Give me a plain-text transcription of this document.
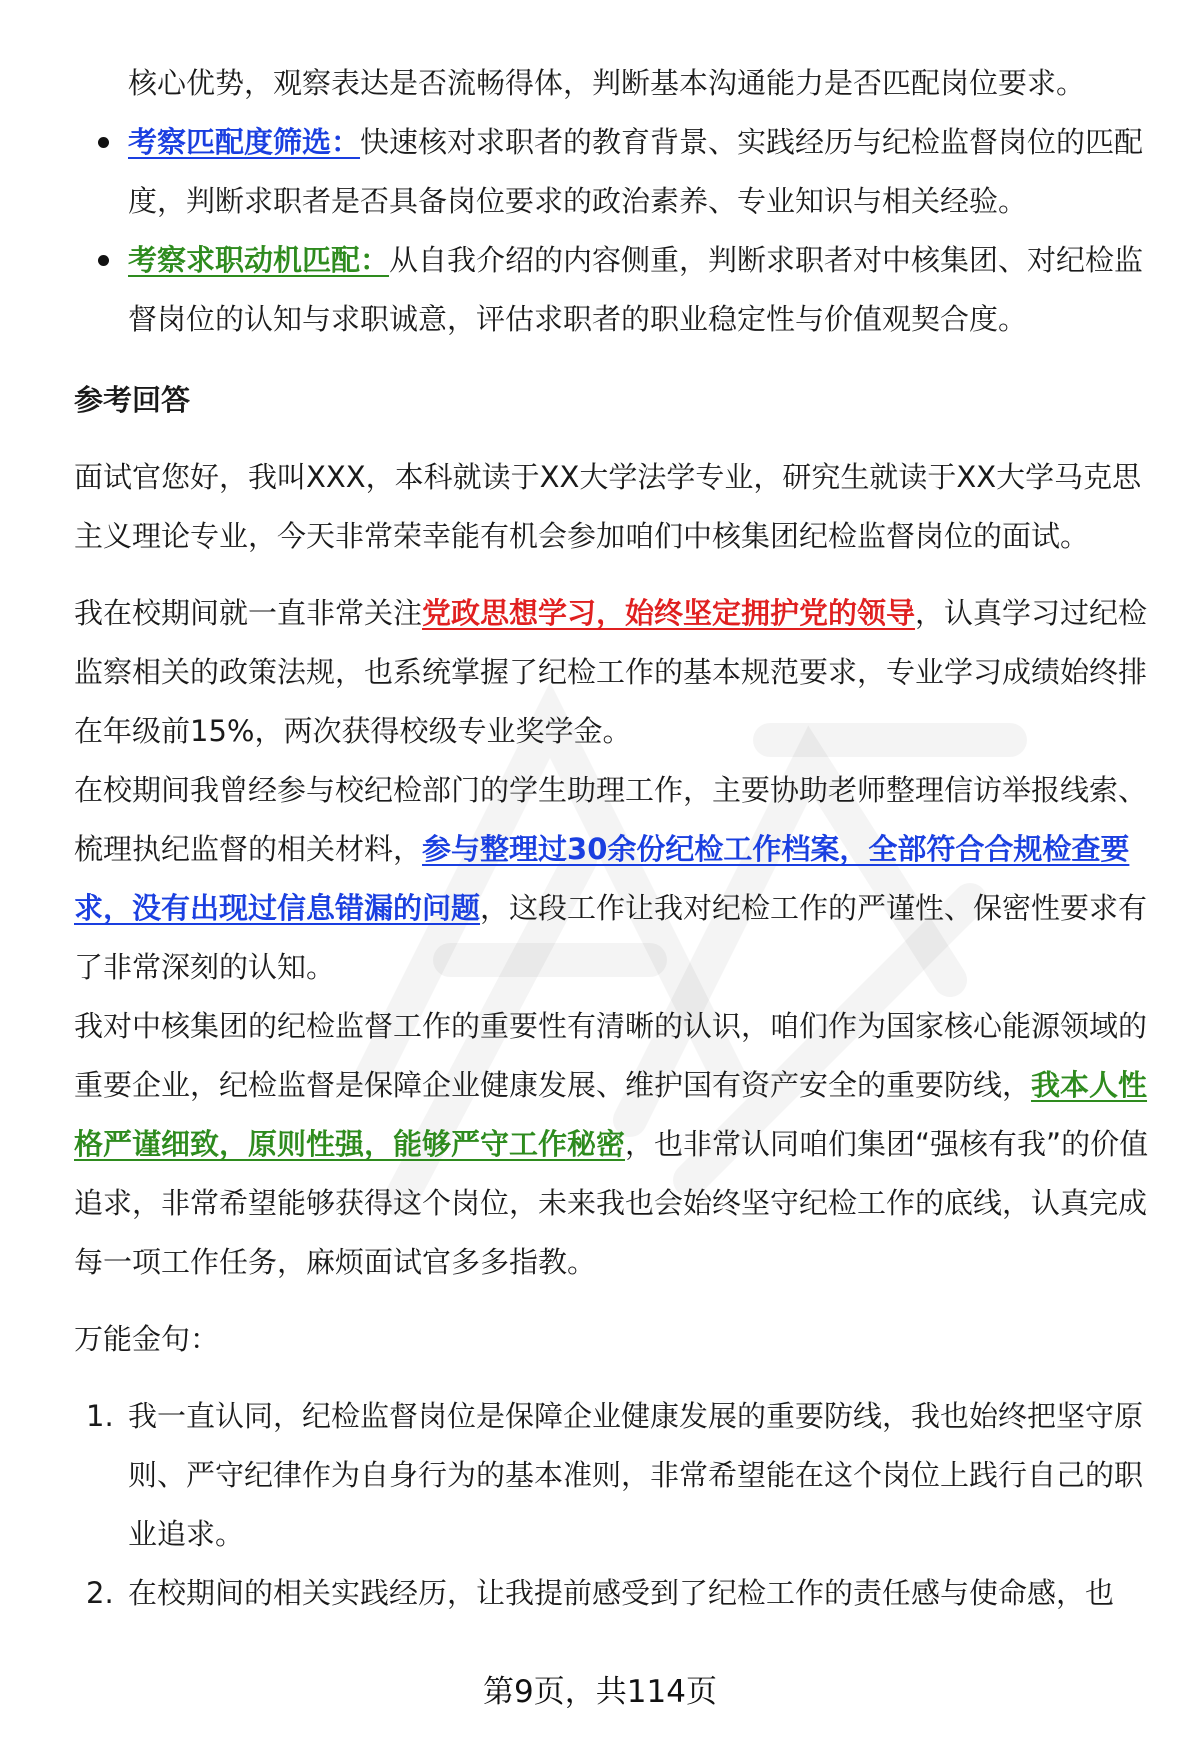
核心优势，观察表达是否流畅得体，判断基本沟通能力是否匹配岗位要求。

考察匹配度筛选：快速核对求职者的教育背景、实践经历与纪检监督岗位的匹配度，判断求职者是否具备岗位要求的政治素养、专业知识与相关经验。
考察求职动机匹配：从自我介绍的内容侧重，判断求职者对中核集团、对纪检监督岗位的认知与求职诚意，评估求职者的职业稳定性与价值观契合度。
参考回答

面试官您好，我叫XXX，本科就读于XX大学法学专业，研究生就读于XX大学马克思主义理论专业，今天非常荣幸能有机会参加咱们中核集团纪检监督岗位的面试。

我在校期间就一直非常关注党政思想学习，始终坚定拥护党的领导，认真学习过纪检监察相关的政策法规，也系统掌握了纪检工作的基本规范要求，专业学习成绩始终排在年级前15%，两次获得校级专业奖学金。

在校期间我曾经参与校纪检部门的学生助理工作，主要协助老师整理信访举报线索、梳理执纪监督的相关材料，参与整理过30余份纪检工作档案，全部符合合规检查要求，没有出现过信息错漏的问题，这段工作让我对纪检工作的严谨性、保密性要求有了非常深刻的认知。

我对中核集团的纪检监督工作的重要性有清晰的认识，咱们作为国家核心能源领域的重要企业，纪检监督是保障企业健康发展、维护国有资产安全的重要防线，我本人性格严谨细致，原则性强，能够严守工作秘密，也非常认同咱们集团“强核有我”的价值追求，非常希望能够获得这个岗位，未来我也会始终坚守纪检工作的底线，认真完成每一项工作任务，麻烦面试官多多指教。

万能金句：

1. 我一直认同，纪检监督岗位是保障企业健康发展的重要防线，我也始终把坚守原则、严守纪律作为自身行为的基本准则，非常希望能在这个岗位上践行自己的职业追求。
2. 在校期间的相关实践经历，让我提前感受到了纪检工作的责任感与使命感，也
第9页，共114页
